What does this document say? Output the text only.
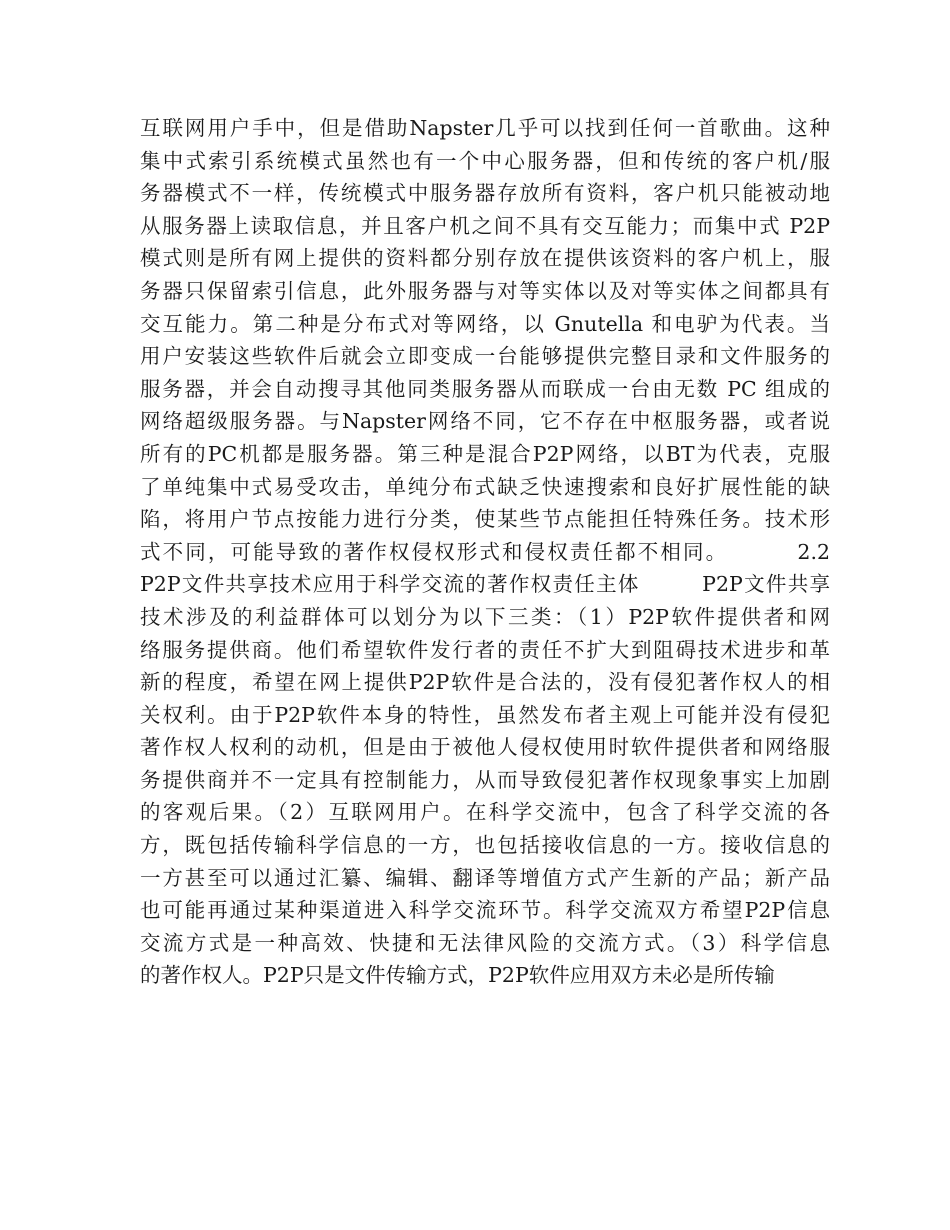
互联网用户手中，但是借助Napster几乎可以找到任何一首歌曲。这种
集中式索引系统模式虽然也有一个中心服务器，但和传统的客户机/服
务器模式不一样，传统模式中服务器存放所有资料，客户机只能被动地
从服务器上读取信息，并且客户机之间不具有交互能力；而集中式 P2P
模式则是所有网上提供的资料都分别存放在提供该资料的客户机上，服
务器只保留索引信息，此外服务器与对等实体以及对等实体之间都具有
交互能力。第二种是分布式对等网络，以 Gnutella 和电驴为代表。当
用户安装这些软件后就会立即变成一台能够提供完整目录和文件服务的
服务器，并会自动搜寻其他同类服务器从而联成一台由无数 PC 组成的
网络超级服务器。与Napster网络不同，它不存在中枢服务器，或者说
所有的PC机都是服务器。第三种是混合P2P网络，以BT为代表，克服
了单纯集中式易受攻击，单纯分布式缺乏快速搜索和良好扩展性能的缺
陷，将用户节点按能力进行分类，使某些节点能担任特殊任务。技术形
式不同，可能导致的著作权侵权形式和侵权责任都不相同。        2.2
P2P文件共享技术应用于科学交流的著作权责任主体        P2P文件共享
技术涉及的利益群体可以划分为以下三类：（1）P2P软件提供者和网
络服务提供商。他们希望软件发行者的责任不扩大到阻碍技术进步和革
新的程度，希望在网上提供P2P软件是合法的，没有侵犯著作权人的相
关权利。由于P2P软件本身的特性，虽然发布者主观上可能并没有侵犯
著作权人权利的动机，但是由于被他人侵权使用时软件提供者和网络服
务提供商并不一定具有控制能力，从而导致侵犯著作权现象事实上加剧
的客观后果。（2）互联网用户。在科学交流中，包含了科学交流的各
方，既包括传输科学信息的一方，也包括接收信息的一方。接收信息的
一方甚至可以通过汇纂、编辑、翻译等增值方式产生新的产品；新产品
也可能再通过某种渠道进入科学交流环节。科学交流双方希望P2P信息
交流方式是一种高效、快捷和无法律风险的交流方式。（3）科学信息
的著作权人。P2P只是文件传输方式，P2P软件应用双方未必是所传输
